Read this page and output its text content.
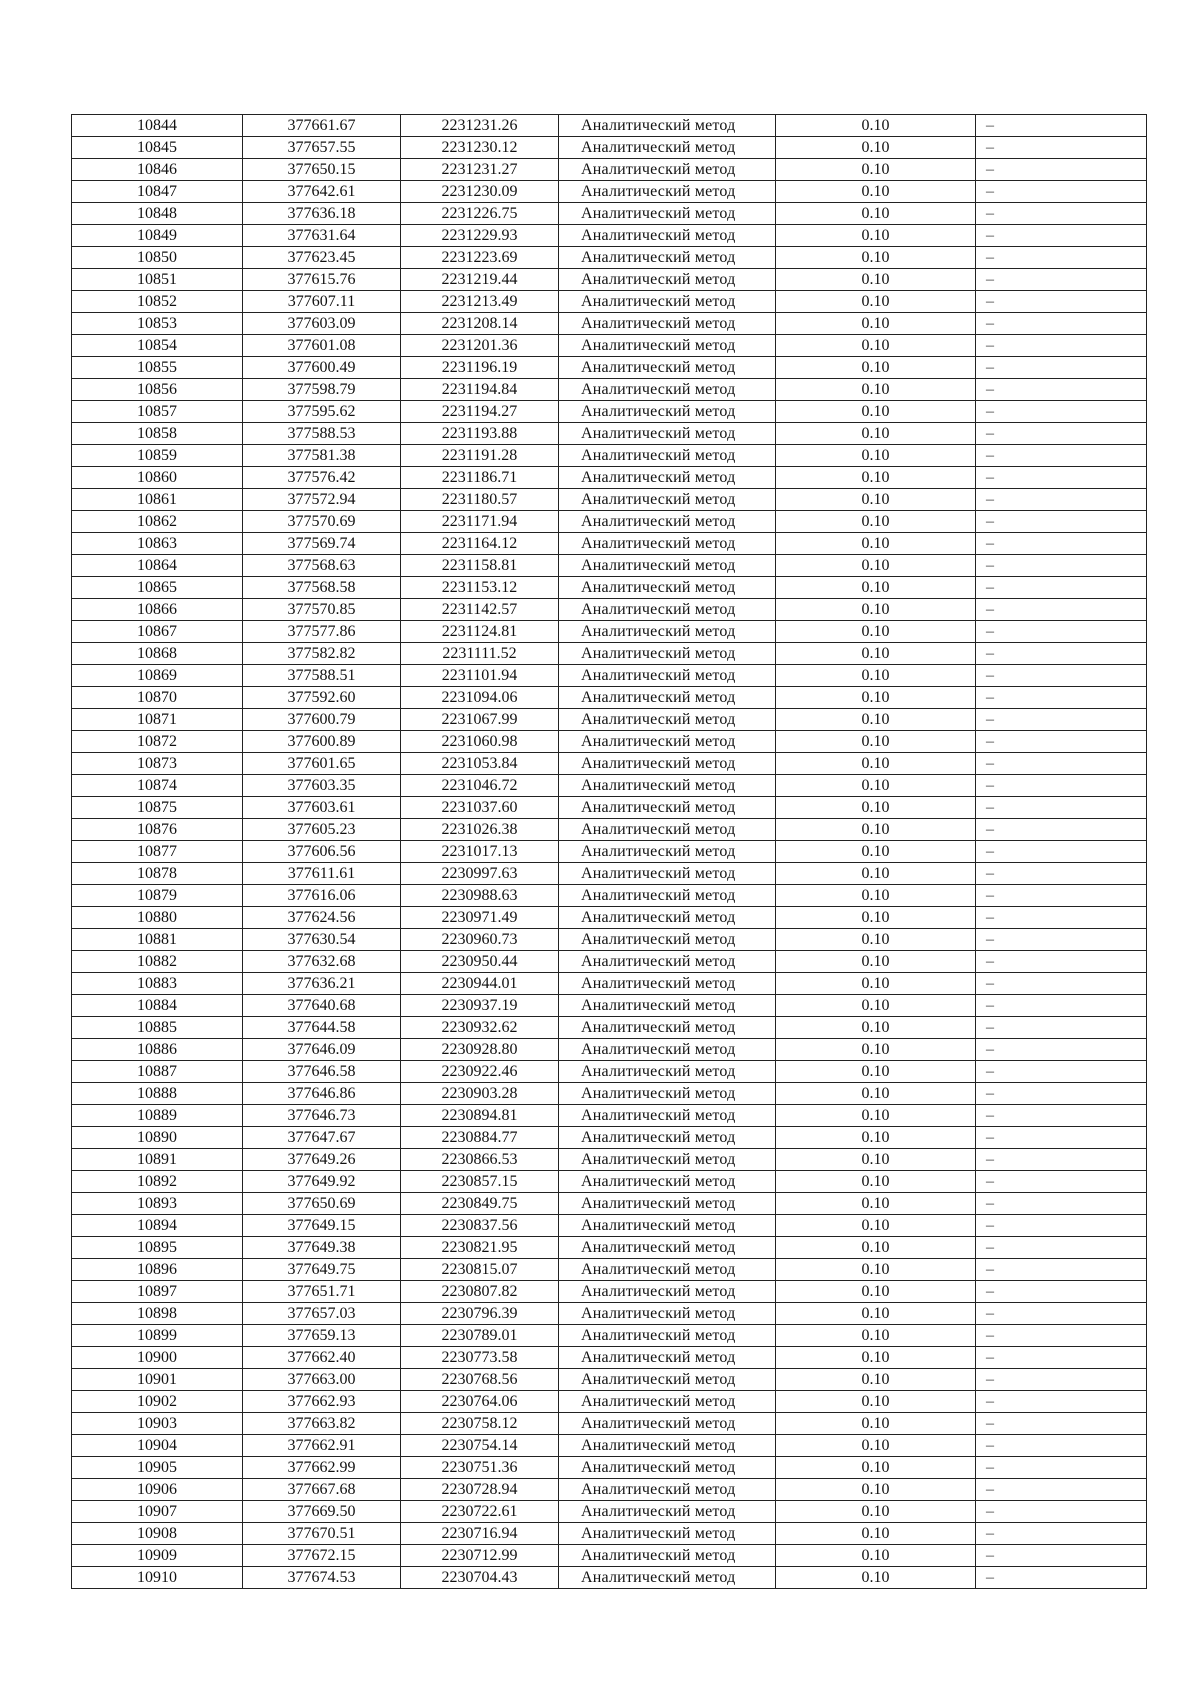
10844	377661.67	2231231.26	Аналитический метод	0.10	–
10845	377657.55	2231230.12	Аналитический метод	0.10	–
10846	377650.15	2231231.27	Аналитический метод	0.10	–
10847	377642.61	2231230.09	Аналитический метод	0.10	–
10848	377636.18	2231226.75	Аналитический метод	0.10	–
10849	377631.64	2231229.93	Аналитический метод	0.10	–
10850	377623.45	2231223.69	Аналитический метод	0.10	–
10851	377615.76	2231219.44	Аналитический метод	0.10	–
10852	377607.11	2231213.49	Аналитический метод	0.10	–
10853	377603.09	2231208.14	Аналитический метод	0.10	–
10854	377601.08	2231201.36	Аналитический метод	0.10	–
10855	377600.49	2231196.19	Аналитический метод	0.10	–
10856	377598.79	2231194.84	Аналитический метод	0.10	–
10857	377595.62	2231194.27	Аналитический метод	0.10	–
10858	377588.53	2231193.88	Аналитический метод	0.10	–
10859	377581.38	2231191.28	Аналитический метод	0.10	–
10860	377576.42	2231186.71	Аналитический метод	0.10	–
10861	377572.94	2231180.57	Аналитический метод	0.10	–
10862	377570.69	2231171.94	Аналитический метод	0.10	–
10863	377569.74	2231164.12	Аналитический метод	0.10	–
10864	377568.63	2231158.81	Аналитический метод	0.10	–
10865	377568.58	2231153.12	Аналитический метод	0.10	–
10866	377570.85	2231142.57	Аналитический метод	0.10	–
10867	377577.86	2231124.81	Аналитический метод	0.10	–
10868	377582.82	2231111.52	Аналитический метод	0.10	–
10869	377588.51	2231101.94	Аналитический метод	0.10	–
10870	377592.60	2231094.06	Аналитический метод	0.10	–
10871	377600.79	2231067.99	Аналитический метод	0.10	–
10872	377600.89	2231060.98	Аналитический метод	0.10	–
10873	377601.65	2231053.84	Аналитический метод	0.10	–
10874	377603.35	2231046.72	Аналитический метод	0.10	–
10875	377603.61	2231037.60	Аналитический метод	0.10	–
10876	377605.23	2231026.38	Аналитический метод	0.10	–
10877	377606.56	2231017.13	Аналитический метод	0.10	–
10878	377611.61	2230997.63	Аналитический метод	0.10	–
10879	377616.06	2230988.63	Аналитический метод	0.10	–
10880	377624.56	2230971.49	Аналитический метод	0.10	–
10881	377630.54	2230960.73	Аналитический метод	0.10	–
10882	377632.68	2230950.44	Аналитический метод	0.10	–
10883	377636.21	2230944.01	Аналитический метод	0.10	–
10884	377640.68	2230937.19	Аналитический метод	0.10	–
10885	377644.58	2230932.62	Аналитический метод	0.10	–
10886	377646.09	2230928.80	Аналитический метод	0.10	–
10887	377646.58	2230922.46	Аналитический метод	0.10	–
10888	377646.86	2230903.28	Аналитический метод	0.10	–
10889	377646.73	2230894.81	Аналитический метод	0.10	–
10890	377647.67	2230884.77	Аналитический метод	0.10	–
10891	377649.26	2230866.53	Аналитический метод	0.10	–
10892	377649.92	2230857.15	Аналитический метод	0.10	–
10893	377650.69	2230849.75	Аналитический метод	0.10	–
10894	377649.15	2230837.56	Аналитический метод	0.10	–
10895	377649.38	2230821.95	Аналитический метод	0.10	–
10896	377649.75	2230815.07	Аналитический метод	0.10	–
10897	377651.71	2230807.82	Аналитический метод	0.10	–
10898	377657.03	2230796.39	Аналитический метод	0.10	–
10899	377659.13	2230789.01	Аналитический метод	0.10	–
10900	377662.40	2230773.58	Аналитический метод	0.10	–
10901	377663.00	2230768.56	Аналитический метод	0.10	–
10902	377662.93	2230764.06	Аналитический метод	0.10	–
10903	377663.82	2230758.12	Аналитический метод	0.10	–
10904	377662.91	2230754.14	Аналитический метод	0.10	–
10905	377662.99	2230751.36	Аналитический метод	0.10	–
10906	377667.68	2230728.94	Аналитический метод	0.10	–
10907	377669.50	2230722.61	Аналитический метод	0.10	–
10908	377670.51	2230716.94	Аналитический метод	0.10	–
10909	377672.15	2230712.99	Аналитический метод	0.10	–
10910	377674.53	2230704.43	Аналитический метод	0.10	–
